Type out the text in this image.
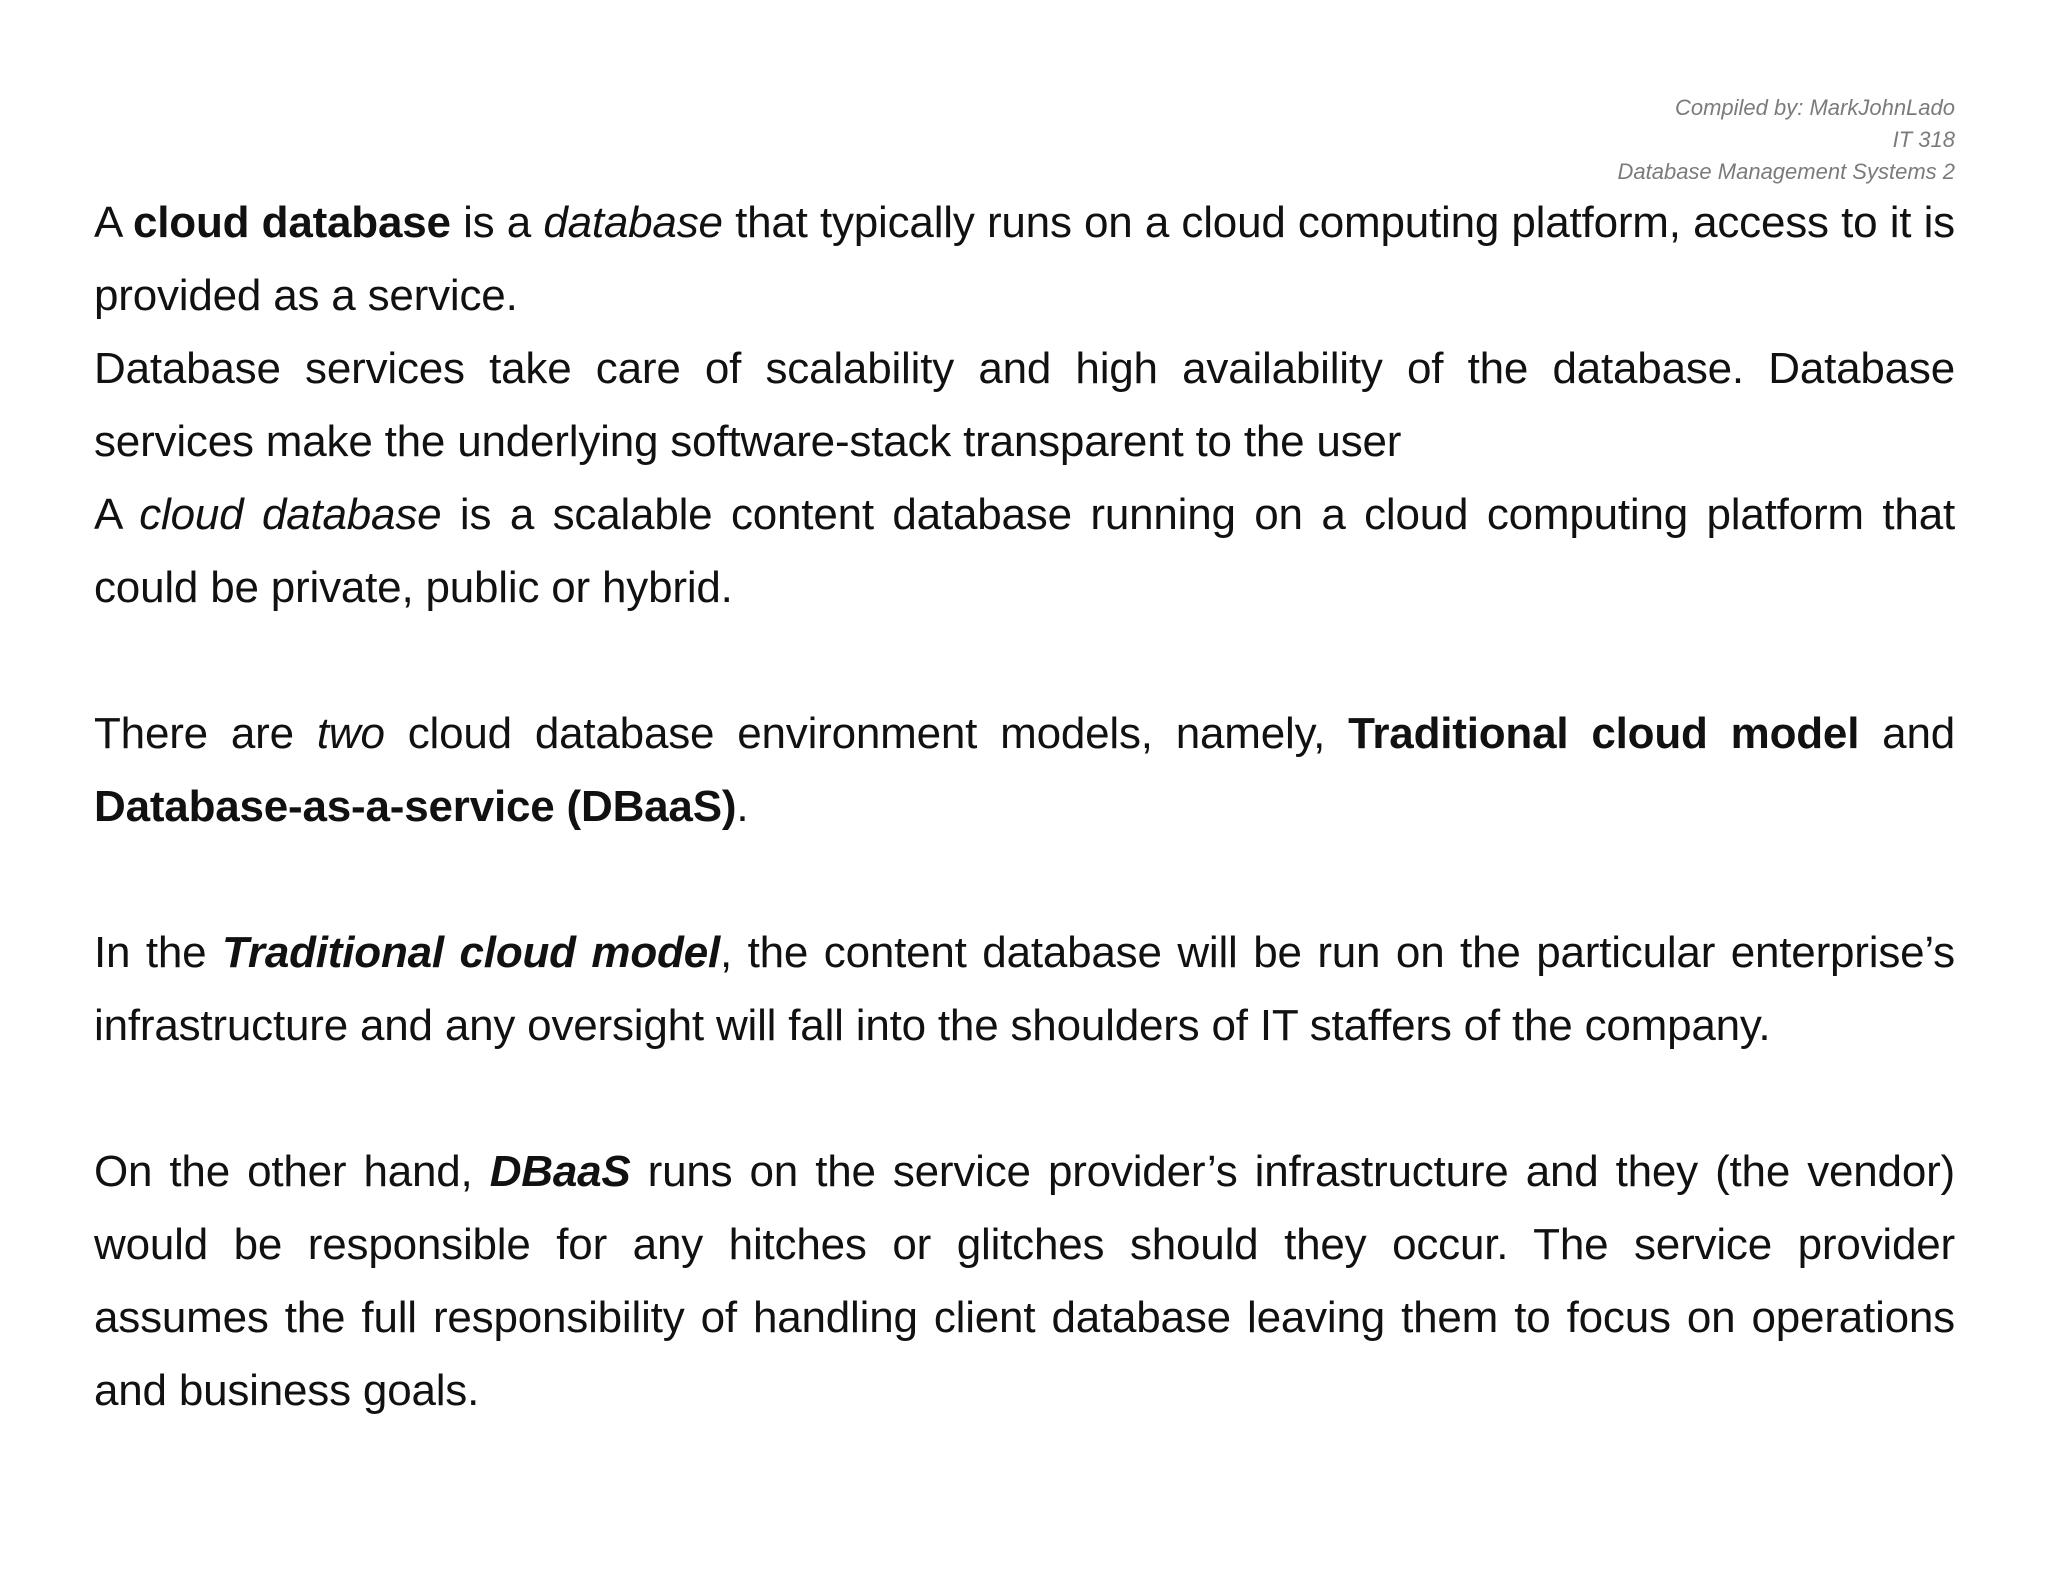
Compiled by: MarkJohnLado
IT 318
Database Management Systems 2

A cloud database is a database that typically runs on a cloud computing platform, access to it is provided as a service.

Database services take care of scalability and high availability of the database. Database services make the underlying software-stack transparent to the user

A cloud database is a scalable content database running on a cloud computing platform that could be private, public or hybrid.

There are two cloud database environment models, namely, Traditional cloud model and Database-as-a-service (DBaaS).

In the Traditional cloud model, the content database will be run on the particular enterprise’s infrastructure and any oversight will fall into the shoulders of IT staffers of the company.

On the other hand, DBaaS runs on the service provider’s infrastructure and they (the vendor) would be responsible for any hitches or glitches should they occur. The service provider assumes the full responsibility of handling client database leaving them to focus on operations and business goals.
